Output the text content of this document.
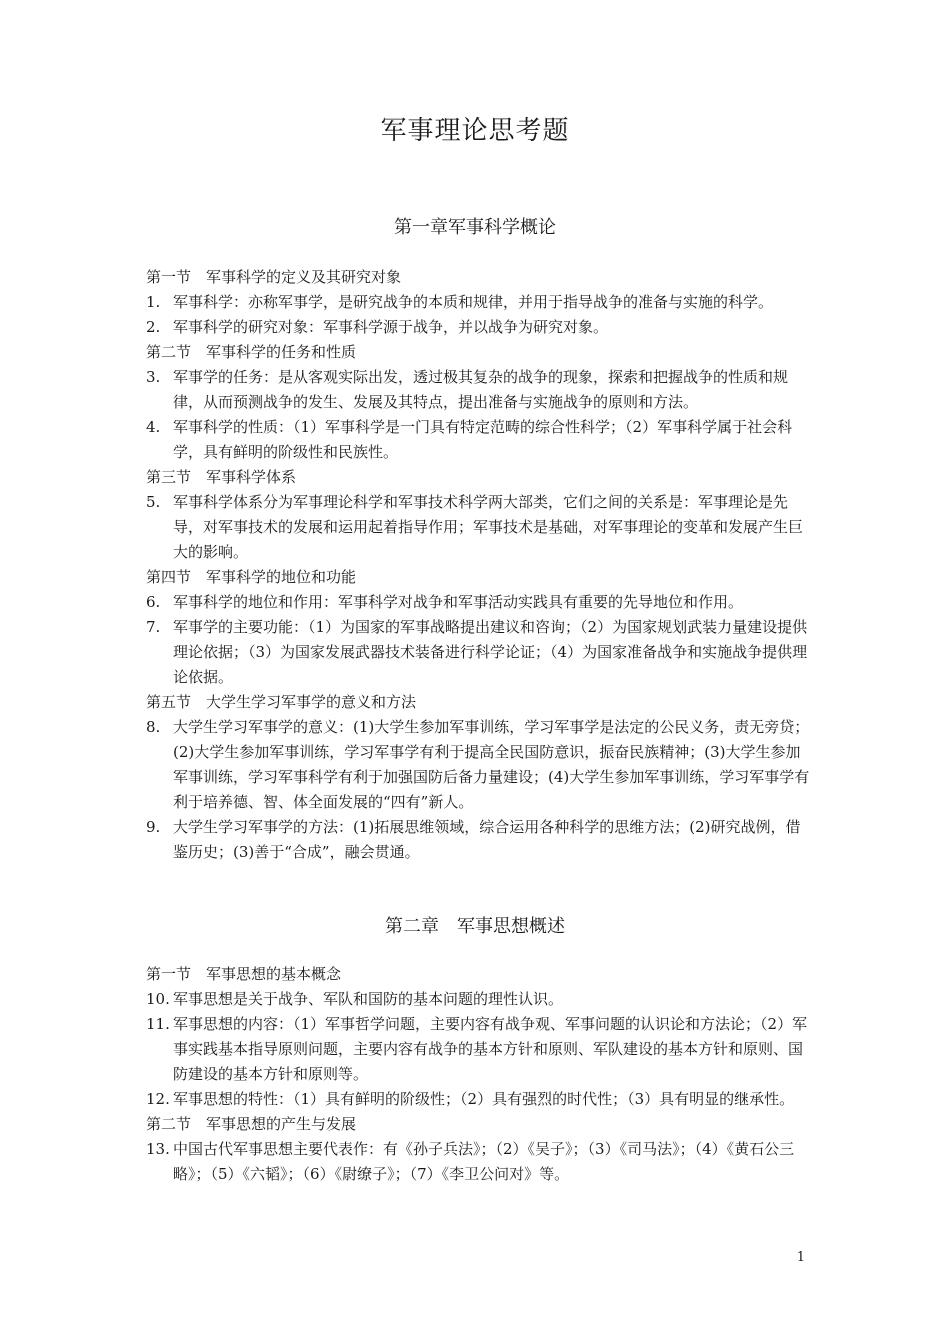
军事理论思考题
第一章军事科学概论

第一节　军事科学的定义及其研究对象

1. 军事科学：亦称军事学，是研究战争的本质和规律，并用于指导战争的准备与实施的科学。
2. 军事科学的研究对象：军事科学源于战争，并以战争为研究对象。

第二节　军事科学的任务和性质

3. 军事学的任务：是从客观实际出发，透过极其复杂的战争的现象，探索和把握战争的性质和规律，从而预测战争的发生、发展及其特点，提出准备与实施战争的原则和方法。
4. 军事科学的性质：（1）军事科学是一门具有特定范畴的综合性科学；（2）军事科学属于社会科学，具有鲜明的阶级性和民族性。

第三节　军事科学体系

5. 军事科学体系分为军事理论科学和军事技术科学两大部类，它们之间的关系是：军事理论是先导，对军事技术的发展和运用起着指导作用；军事技术是基础，对军事理论的变革和发展产生巨大的影响。

第四节　军事科学的地位和功能

6. 军事科学的地位和作用：军事科学对战争和军事活动实践具有重要的先导地位和作用。
7. 军事学的主要功能：（1）为国家的军事战略提出建议和咨询；（2）为国家规划武装力量建设提供理论依据；（3）为国家发展武器技术装备进行科学论证；（4）为国家准备战争和实施战争提供理论依据。

第五节　大学生学习军事学的意义和方法

8. 大学生学习军事学的意义：(1)大学生参加军事训练，学习军事学是法定的公民义务，责无旁贷；(2)大学生参加军事训练，学习军事学有利于提高全民国防意识，振奋民族精神；(3)大学生参加军事训练，学习军事科学有利于加强国防后备力量建设；(4)大学生参加军事训练，学习军事学有利于培养德、智、体全面发展的“四有”新人。
9. 大学生学习军事学的方法：(1)拓展思维领域，综合运用各种科学的思维方法；(2)研究战例，借鉴历史；(3)善于“合成”，融会贯通。
第二章　军事思想概述

第一节　军事思想的基本概念

10. 军事思想是关于战争、军队和国防的基本问题的理性认识。
11. 军事思想的内容：（1）军事哲学问题，主要内容有战争观、军事问题的认识论和方法论；（2）军事实践基本指导原则问题，主要内容有战争的基本方针和原则、军队建设的基本方针和原则、国防建设的基本方针和原则等。
12. 军事思想的特性：（1）具有鲜明的阶级性；（2）具有强烈的时代性；（3）具有明显的继承性。

第二节　军事思想的产生与发展

13. 中国古代军事思想主要代表作：有《孙子兵法》；（2）《吴子》；（3）《司马法》；（4）《黄石公三略》；（5）《六韬》；（6）《尉缭子》；（7）《李卫公问对》等。
1
